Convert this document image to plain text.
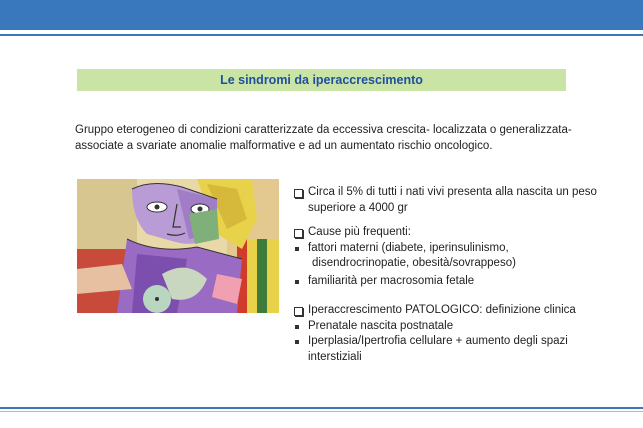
Le sindromi da iperaccrescimento
Gruppo eterogeneo di condizioni caratterizzate da eccessiva crescita- localizzata o generalizzata-
associate a svariate anomalie malformative e ad un aumentato rischio oncologico.
Circa il 5% di tutti i nati vivi presenta alla nascita un peso
superiore a 4000 gr
Cause più frequenti:
fattori materni (diabete, iperinsulinismo,
disendrocrinopatie, obesità/sovrappeso)
familiarità per macrosomia fetale
Iperaccrescimento PATOLOGICO: definizione clinica
Prenatale nascita postnatale
Iperplasia/Ipertrofia cellulare + aumento degli spazi
interstiziali
